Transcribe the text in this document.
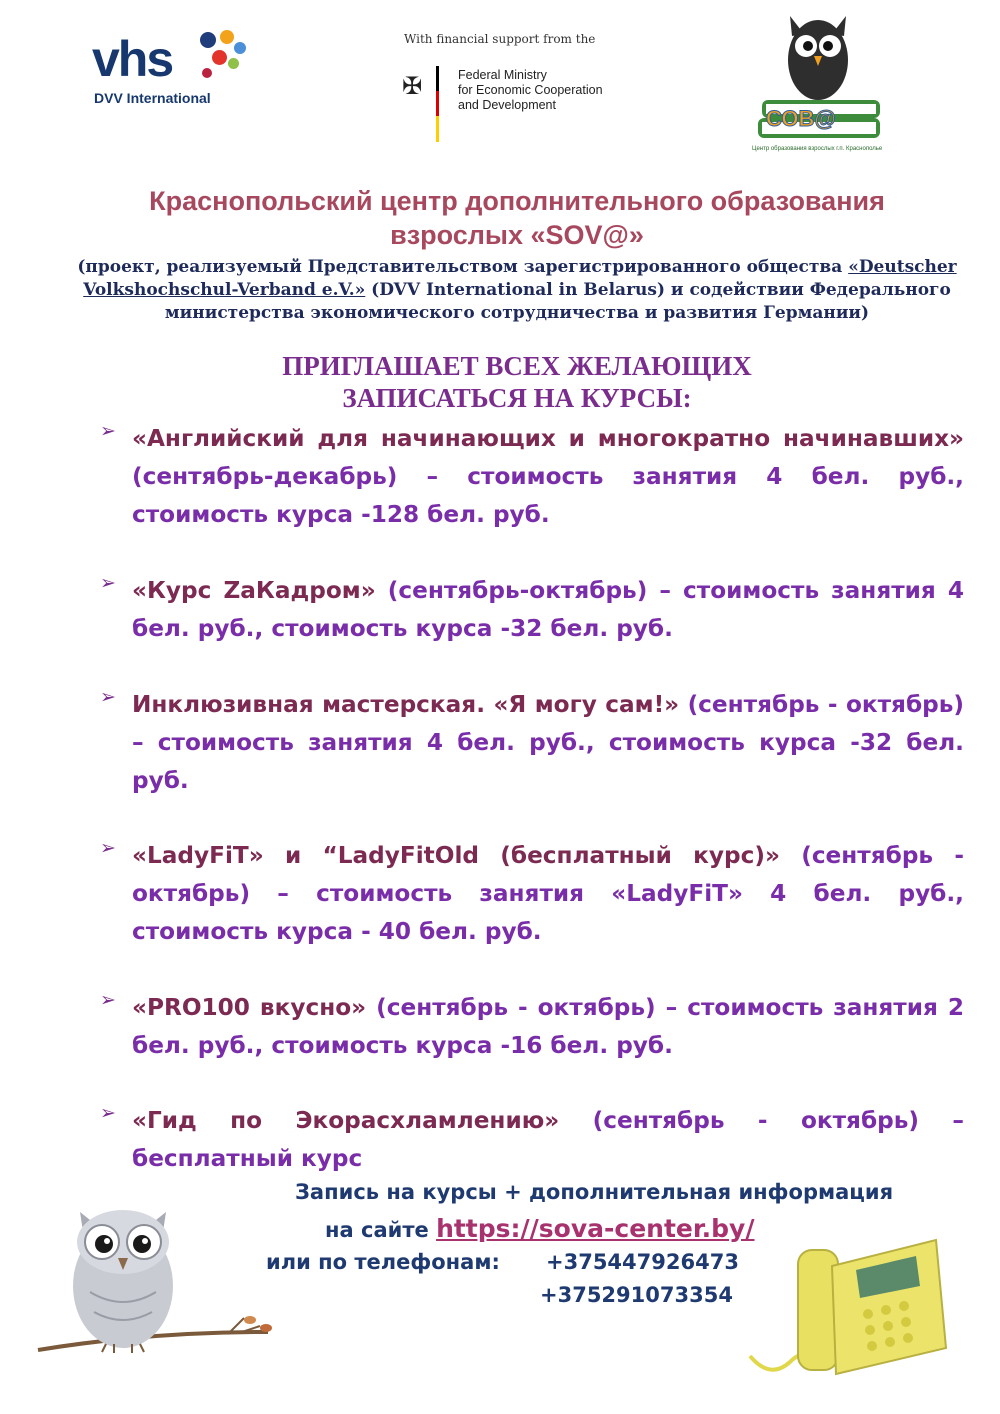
vhs
DVV International
With financial support from the
✠	Federal Ministry
for Economic Cooperation
and Development
СОВ@
Центр образования взрослых г.п. Краснополье
Краснопольский центр дополнительного образования
взрослых «SOV@»
(проект, реализуемый Представительством зарегистрированного общества «Deutscher Volkshochschul-Verband e.V.» (DVV International in Belarus) и содействии Федерального министерства экономического сотрудничества и развития Германии)
ПРИГЛАШАЕТ ВСЕХ ЖЕЛАЮЩИХ
ЗАПИСАТЬСЯ НА КУРСЫ:
➢ «Английский для начинающих и многократно начинавших» (сентябрь-декабрь) – стоимость занятия 4 бел. руб., стоимость курса -128 бел. руб.
➢ «Курс ZaКадром» (сентябрь-октябрь) – стоимость занятия 4 бел. руб., стоимость курса -32 бел. руб.
➢ Инклюзивная мастерская. «Я могу сам!» (сентябрь - октябрь) – стоимость занятия 4 бел. руб., стоимость курса -32 бел. руб.
➢ «LadyFiT» и “LadyFitOld (бесплатный курс)» (сентябрь - октябрь) – стоимость занятия «LadyFiT» 4 бел. руб., стоимость курса - 40 бел. руб.
➢ «PRO100 вкусно» (сентябрь - октябрь) – стоимость занятия 2 бел. руб., стоимость курса -16 бел. руб.
➢ «Гид по Экорасхламлению» (сентябрь - октябрь) – бесплатный курс
Запись на курсы + дополнительная информация
на сайте https://sova-center.by/
или по телефонам: +375447926473
+375291073354
